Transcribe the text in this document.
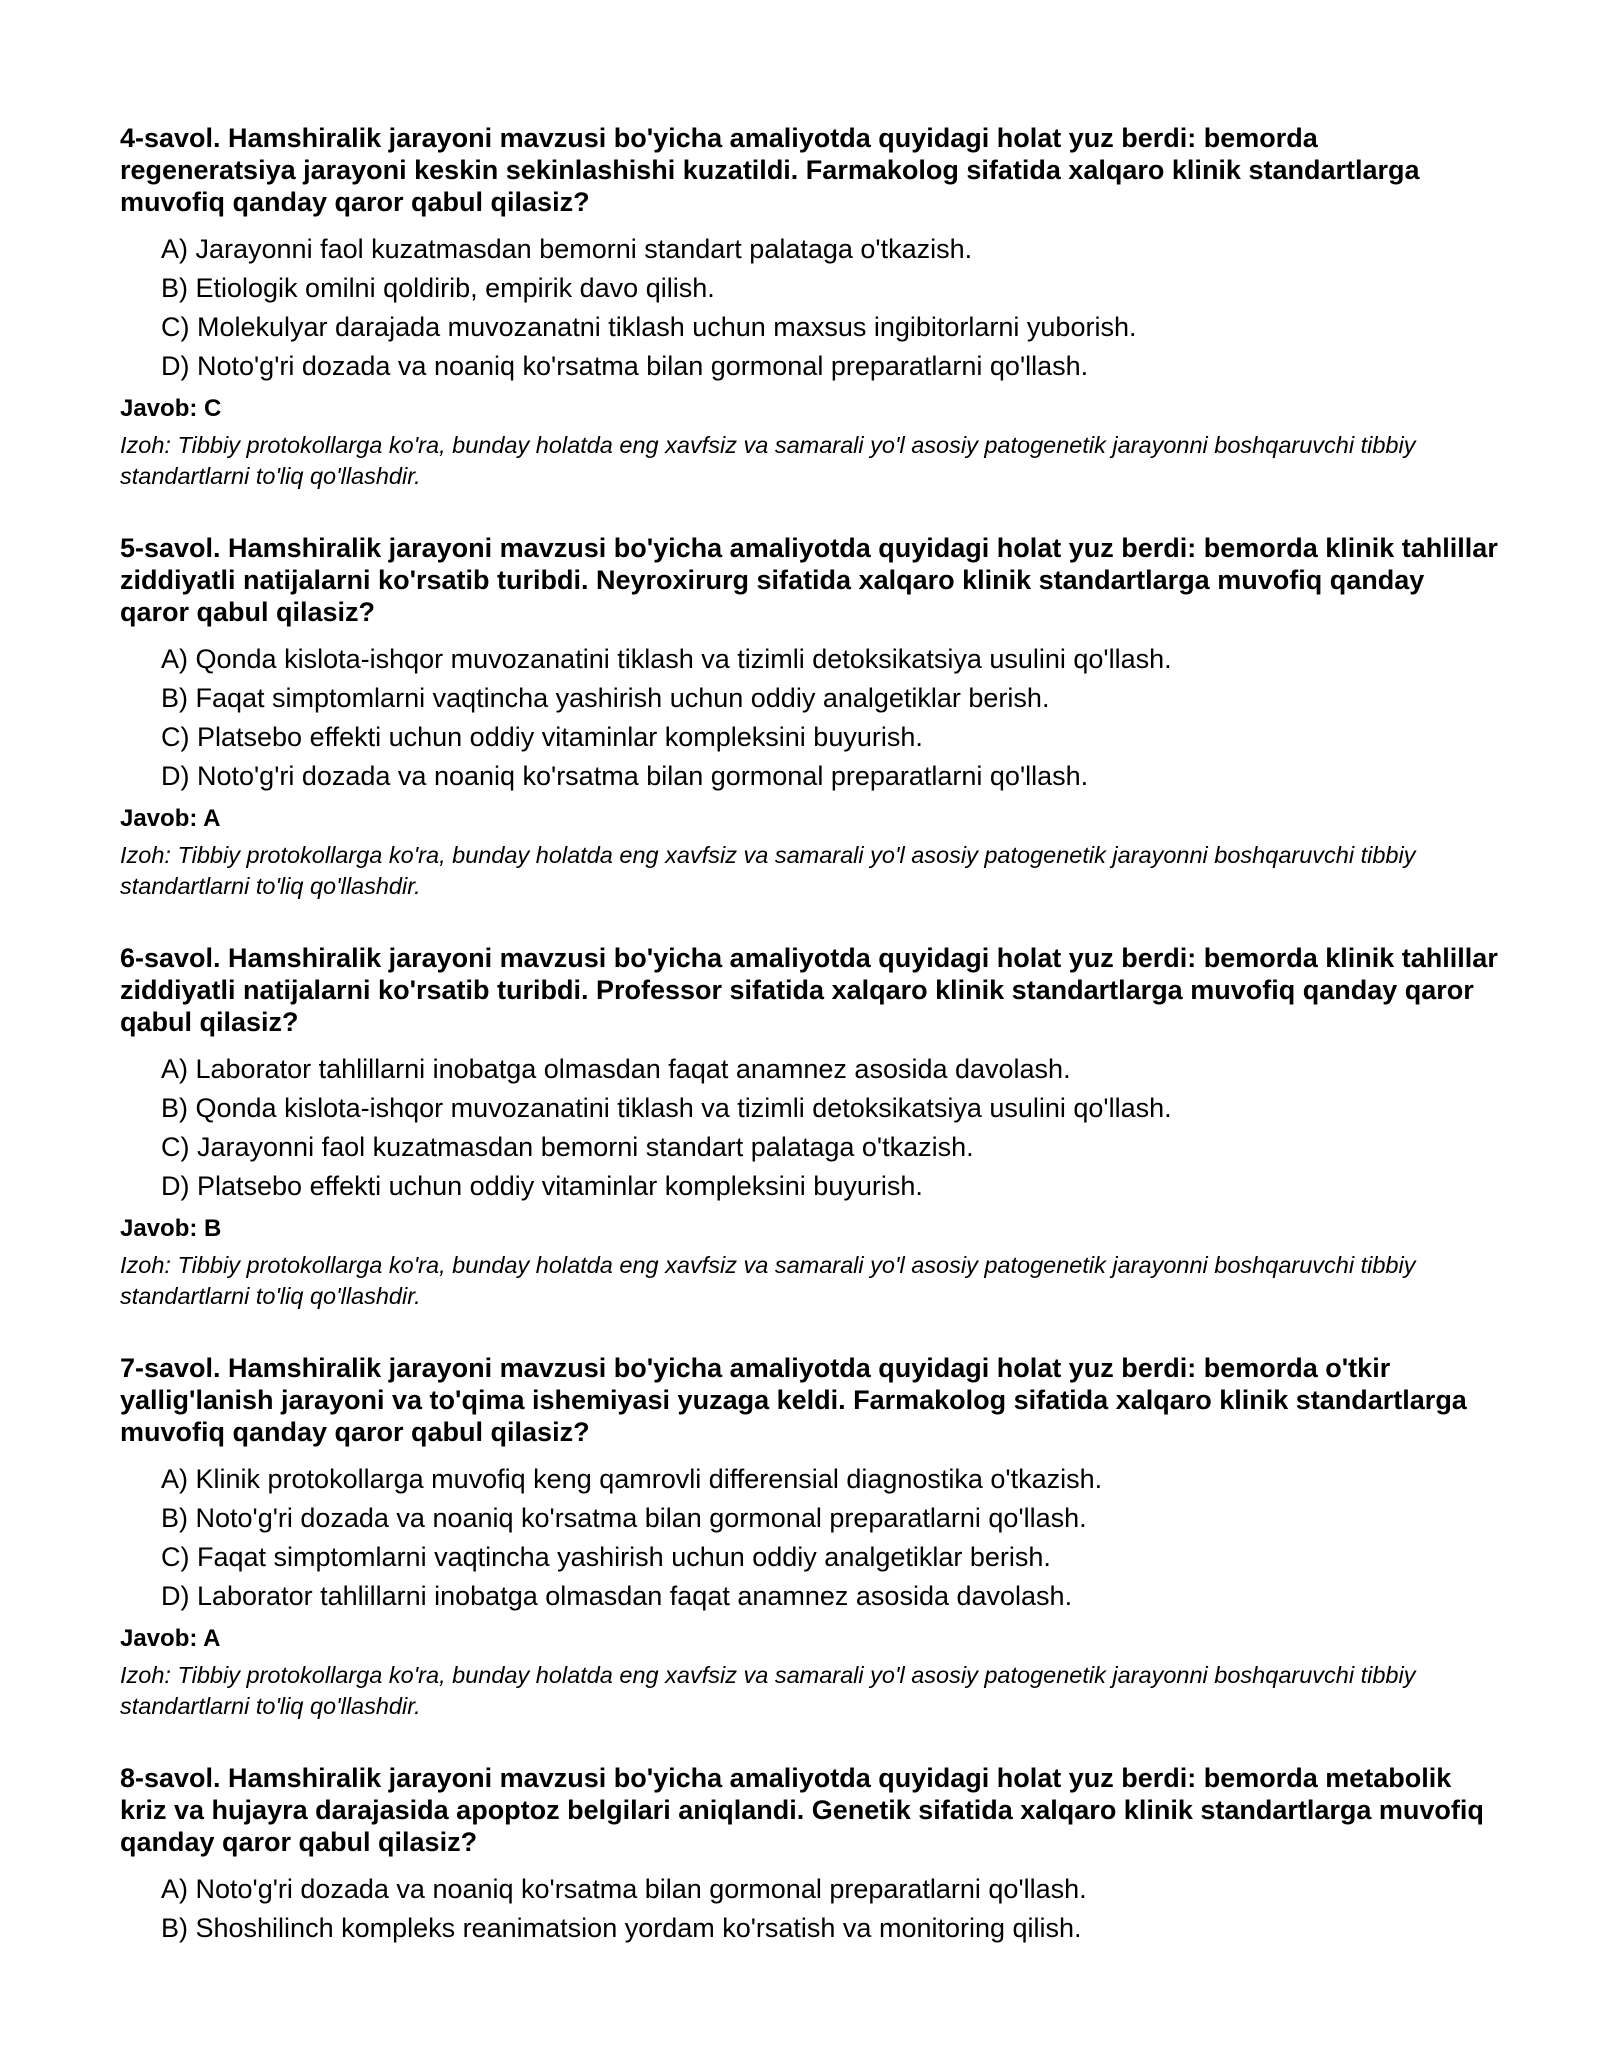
4-savol. Hamshiralik jarayoni mavzusi bo'yicha amaliyotda quyidagi holat yuz berdi: bemorda regeneratsiya jarayoni keskin sekinlashishi kuzatildi. Farmakolog sifatida xalqaro klinik standartlarga muvofiq qanday qaror qabul qilasiz?
A) Jarayonni faol kuzatmasdan bemorni standart palataga o'tkazish.
B) Etiologik omilni qoldirib, empirik davo qilish.
C) Molekulyar darajada muvozanatni tiklash uchun maxsus ingibitorlarni yuborish.
D) Noto'g'ri dozada va noaniq ko'rsatma bilan gormonal preparatlarni qo'llash.
Javob: C
Izoh: Tibbiy protokollarga ko'ra, bunday holatda eng xavfsiz va samarali yo'l asosiy patogenetik jarayonni boshqaruvchi tibbiy standartlarni to'liq qo'llashdir.
5-savol. Hamshiralik jarayoni mavzusi bo'yicha amaliyotda quyidagi holat yuz berdi: bemorda klinik tahlillar ziddiyatli natijalarni ko'rsatib turibdi. Neyroxirurg sifatida xalqaro klinik standartlarga muvofiq qanday qaror qabul qilasiz?
A) Qonda kislota-ishqor muvozanatini tiklash va tizimli detoksikatsiya usulini qo'llash.
B) Faqat simptomlarni vaqtincha yashirish uchun oddiy analgetiklar berish.
C) Platsebo effekti uchun oddiy vitaminlar kompleksini buyurish.
D) Noto'g'ri dozada va noaniq ko'rsatma bilan gormonal preparatlarni qo'llash.
Javob: A
Izoh: Tibbiy protokollarga ko'ra, bunday holatda eng xavfsiz va samarali yo'l asosiy patogenetik jarayonni boshqaruvchi tibbiy standartlarni to'liq qo'llashdir.
6-savol. Hamshiralik jarayoni mavzusi bo'yicha amaliyotda quyidagi holat yuz berdi: bemorda klinik tahlillar ziddiyatli natijalarni ko'rsatib turibdi. Professor sifatida xalqaro klinik standartlarga muvofiq qanday qaror qabul qilasiz?
A) Laborator tahlillarni inobatga olmasdan faqat anamnez asosida davolash.
B) Qonda kislota-ishqor muvozanatini tiklash va tizimli detoksikatsiya usulini qo'llash.
C) Jarayonni faol kuzatmasdan bemorni standart palataga o'tkazish.
D) Platsebo effekti uchun oddiy vitaminlar kompleksini buyurish.
Javob: B
Izoh: Tibbiy protokollarga ko'ra, bunday holatda eng xavfsiz va samarali yo'l asosiy patogenetik jarayonni boshqaruvchi tibbiy standartlarni to'liq qo'llashdir.
7-savol. Hamshiralik jarayoni mavzusi bo'yicha amaliyotda quyidagi holat yuz berdi: bemorda o'tkir yallig'lanish jarayoni va to'qima ishemiyasi yuzaga keldi. Farmakolog sifatida xalqaro klinik standartlarga muvofiq qanday qaror qabul qilasiz?
A) Klinik protokollarga muvofiq keng qamrovli differensial diagnostika o'tkazish.
B) Noto'g'ri dozada va noaniq ko'rsatma bilan gormonal preparatlarni qo'llash.
C) Faqat simptomlarni vaqtincha yashirish uchun oddiy analgetiklar berish.
D) Laborator tahlillarni inobatga olmasdan faqat anamnez asosida davolash.
Javob: A
Izoh: Tibbiy protokollarga ko'ra, bunday holatda eng xavfsiz va samarali yo'l asosiy patogenetik jarayonni boshqaruvchi tibbiy standartlarni to'liq qo'llashdir.
8-savol. Hamshiralik jarayoni mavzusi bo'yicha amaliyotda quyidagi holat yuz berdi: bemorda metabolik kriz va hujayra darajasida apoptoz belgilari aniqlandi. Genetik sifatida xalqaro klinik standartlarga muvofiq qanday qaror qabul qilasiz?
A) Noto'g'ri dozada va noaniq ko'rsatma bilan gormonal preparatlarni qo'llash.
B) Shoshilinch kompleks reanimatsion yordam ko'rsatish va monitoring qilish.
